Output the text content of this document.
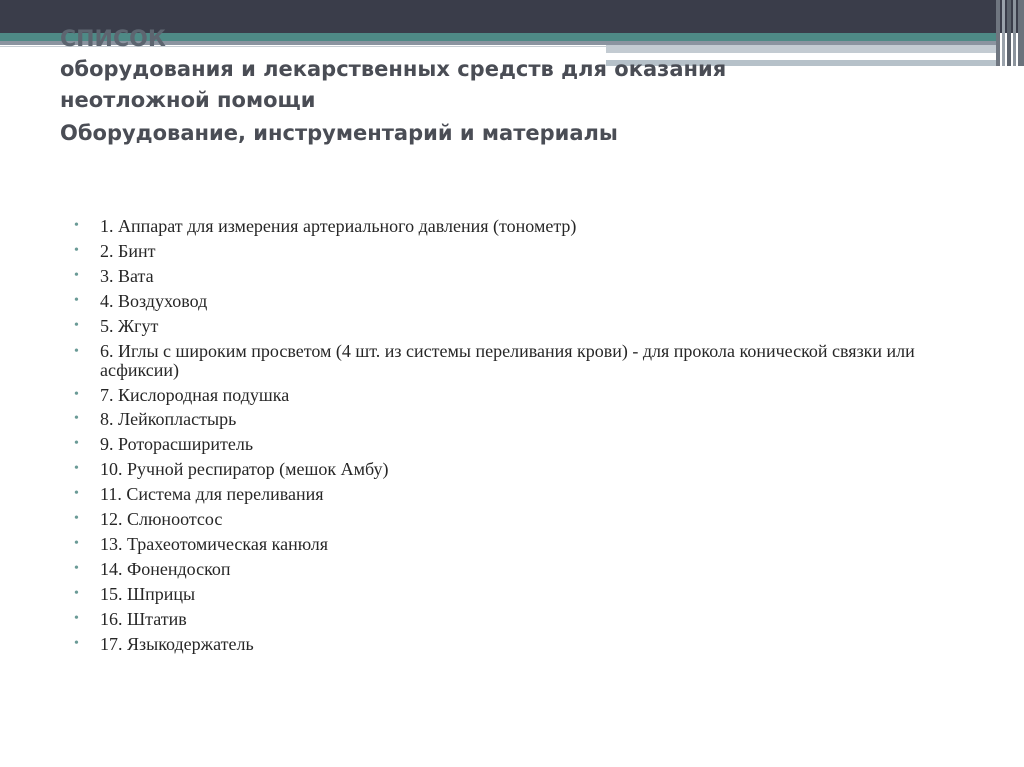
СПИСОК
оборудования и лекарственных средств для оказания
неотложной помощи
Оборудование, инструментарий и материалы
• 1. Аппарат для измерения артериального давления (тонометр)
• 2. Бинт
• 3. Вата
• 4. Воздуховод
• 5. Жгут
• 6. Иглы с широким просветом (4 шт. из системы переливания крови) - для прокола конической связки или асфиксии)
• 7. Кислородная подушка
• 8. Лейкопластырь
• 9. Роторасширитель
• 10. Ручной респиратор (мешок Амбу)
• 11. Система для переливания
• 12. Слюноотсос
• 13. Трахеотомическая канюля
• 14. Фонендоскоп
• 15. Шприцы
• 16. Штатив
• 17. Языкодержатель
